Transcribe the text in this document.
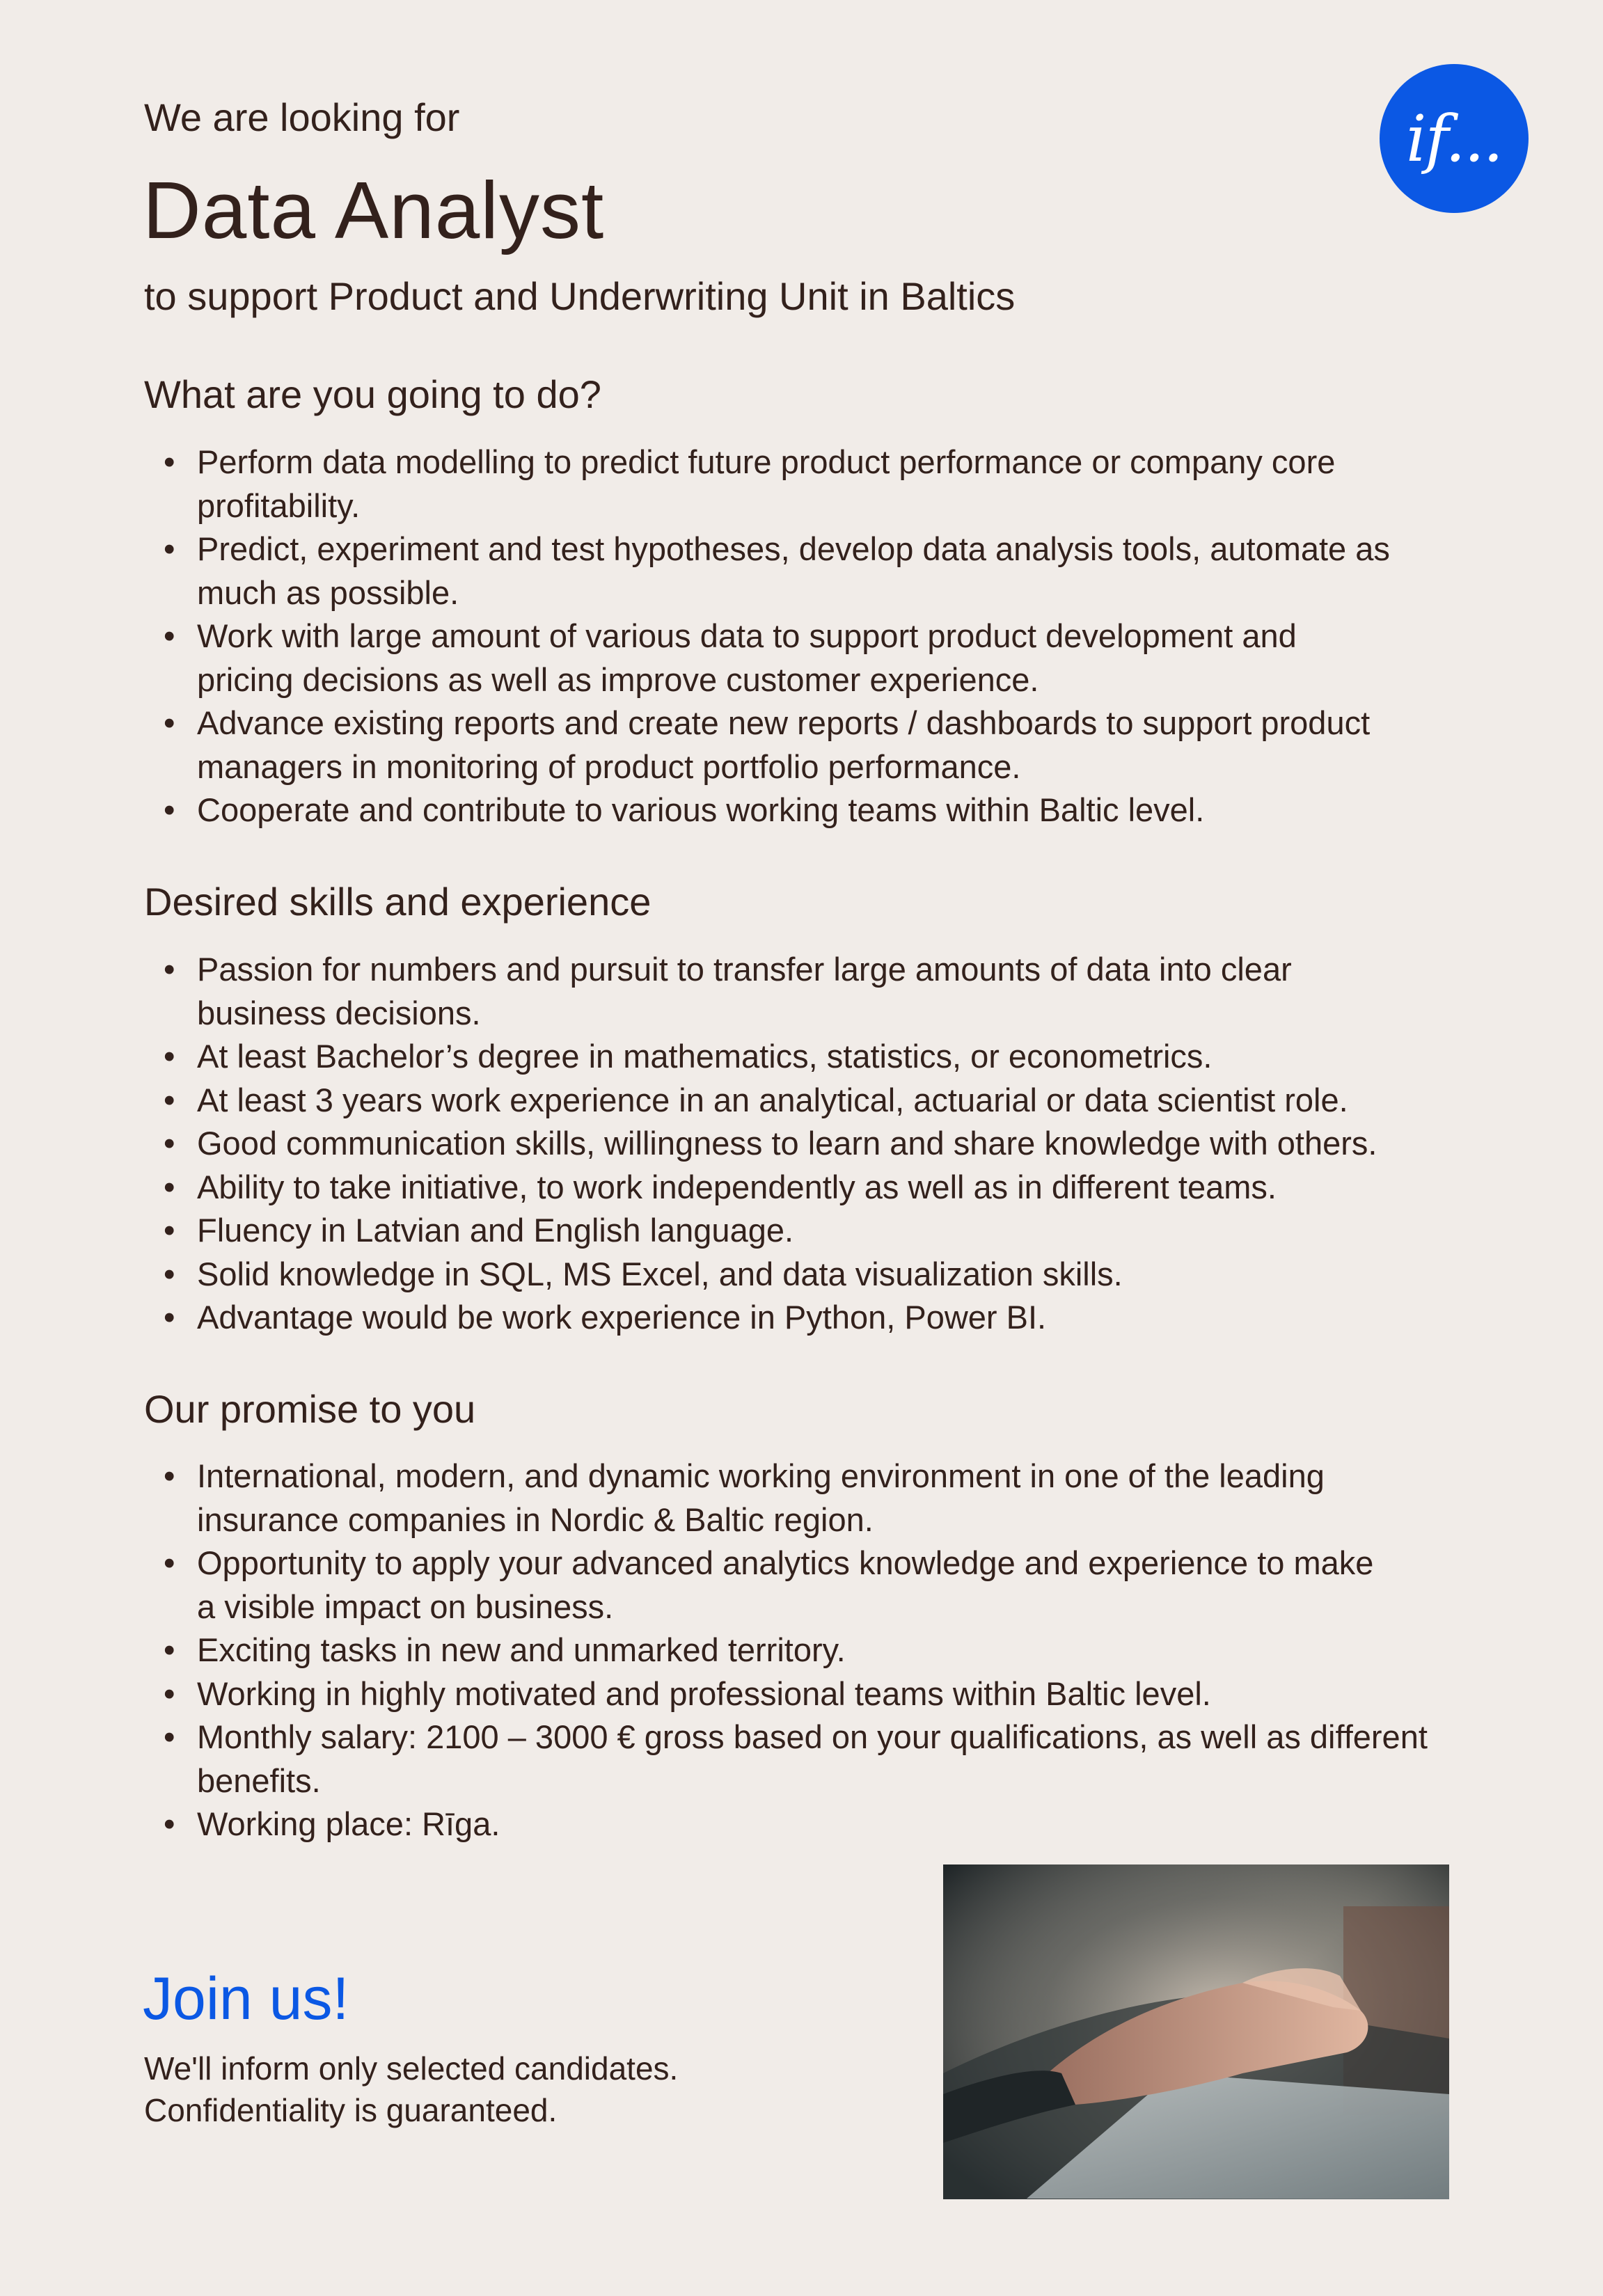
We are looking for

Data Analyst

to support Product and Underwriting Unit in Baltics

if...
What are you going to do?
• Perform data modelling to predict future product performance or company core
profitability.
• Predict, experiment and test hypotheses, develop data analysis tools, automate as
much as possible.
• Work with large amount of various data to support product development and
pricing decisions as well as improve customer experience.
• Advance existing reports and create new reports / dashboards to support product
managers in monitoring of product portfolio performance.
• Cooperate and contribute to various working teams within Baltic level.
Desired skills and experience
• Passion for numbers and pursuit to transfer large amounts of data into clear
business decisions.
• At least Bachelor’s degree in mathematics, statistics, or econometrics.
• At least 3 years work experience in an analytical, actuarial or data scientist role.
• Good communication skills, willingness to learn and share knowledge with others.
• Ability to take initiative, to work independently as well as in different teams.
• Fluency in Latvian and English language.
• Solid knowledge in SQL, MS Excel, and data visualization skills.
• Advantage would be work experience in Python, Power BI.
Our promise to you
• International, modern, and dynamic working environment in one of the leading
insurance companies in Nordic & Baltic region.
• Opportunity to apply your advanced analytics knowledge and experience to make
a visible impact on business.
• Exciting tasks in new and unmarked territory.
• Working in highly motivated and professional teams within Baltic level.
• Monthly salary: 2100 – 3000 € gross based on your qualifications, as well as different
benefits.
• Working place: Rīga.
Join us!

We'll inform only selected candidates.

Confidentiality is guaranteed.
